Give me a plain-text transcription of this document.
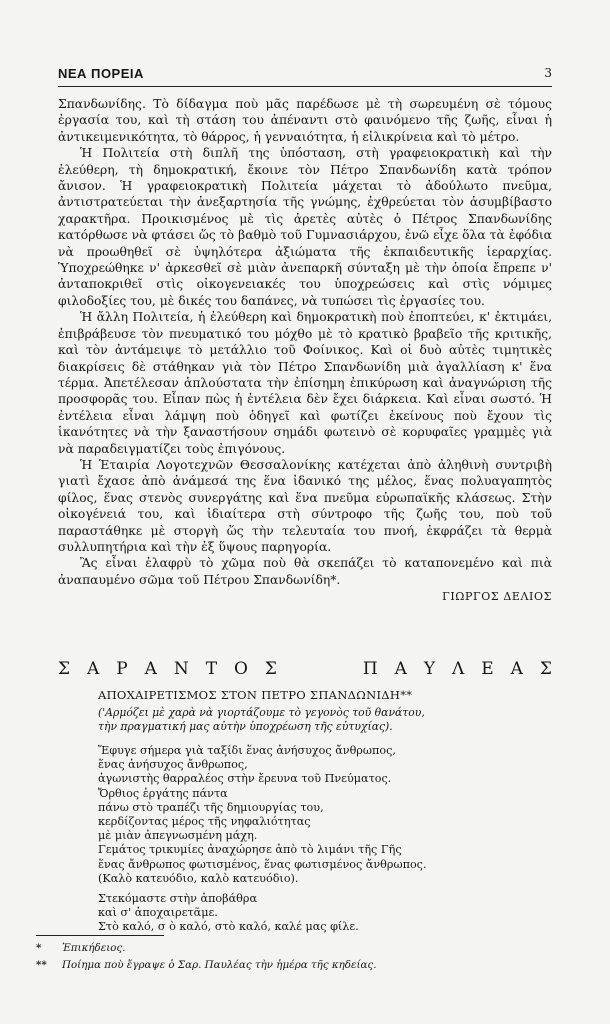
ΝΕΑ ΠΟΡΕΙΑ	3

Σπανδωνίδης. Τὸ δίδαγμα ποὺ μᾶς παρέδωσε μὲ τὴ σωρευμένη σὲ τόμους ἐργασία του, καὶ τὴ στάση του ἀπέναντι στὸ φαινόμενο τῆς ζωῆς, εἶναι ἡ ἀντικειμενικότητα, τὸ θάρρος, ἡ γενναιότητα, ἡ εἰλικρίνεια καὶ τὸ μέτρο.

Ἡ Πολιτεία στὴ διπλῆ της ὑπόσταση, στὴ γραφειοκρατικὴ καὶ τὴν ἐλεύθερη, τὴ δημοκρατική, ἔκοινε τὸν Πέτρο Σπανδωνίδη κατὰ τρόπον ἄνισον. Ἡ γραφειοκρατικὴ Πολιτεία μάχεται τὸ ἀδούλωτο πνεῦμα, ἀντιστρατεύεται τὴν ἀνεξαρτησία τῆς γνώμης, ἐχθρεύεται τὸν ἀσυμβίβαστο χαρακτῆρα. Προικισμένος μὲ τὶς ἀρετὲς αὐτὲς ὁ Πέτρος Σπανδωνίδης κατόρθωσε νὰ φτάσει ὥς τὸ βαθμὸ τοῦ Γυμνασιάρχου, ἐνῶ εἶχε ὅλα τὰ ἐφόδια νὰ προωθηθεῖ σὲ ὑψηλότερα ἀξιώματα τῆς ἐκπαιδευτικῆς ἱεραρχίας. Ὑποχρεώθηκε ν' ἀρκεσθεῖ σὲ μιὰν ἀνεπαρκῆ σύνταξη μὲ τὴν ὁποία ἔπρεπε ν' ἀνταποκριθεῖ στὶς οἰκογενειακές του ὑποχρεώσεις καὶ στὶς νόμιμες φιλοδοξίες του, μὲ δικές του δαπάνες, νὰ τυπώσει τὶς ἐργασίες του.

Ἡ ἄλλη Πολιτεία, ἡ ἐλεύθερη καὶ δημοκρατικὴ ποὺ ἐποπτεύει, κ' ἐκτιμάει, ἐπιβράβευσε τὸν πνευματικό του μόχθο μὲ τὸ κρατικὸ βραβεῖο τῆς κριτικῆς, καὶ τὸν ἀντάμειψε τὸ μετάλλιο τοῦ Φοίνικος. Καὶ οἱ δυὸ αὐτὲς τιμητικὲς διακρίσεις δὲ στάθηκαν γιὰ τὸν Πέτρο Σπανδωνίδη μιὰ ἀγαλλίαση κ' ἕνα τέρμα. Ἀπετέλεσαν ἁπλούστατα τὴν ἐπίσημη ἐπικύρωση καὶ ἀναγνώριση τῆς προσφορᾶς του. Εἶπαν πὼς ἡ ἐντέλεια δὲν ἔχει διάρκεια. Καὶ εἶναι σωστό. Ἡ ἐντέλεια εἶναι λάμψη ποὺ ὁδηγεῖ καὶ φωτίζει ἐκείνους ποὺ ἔχουν τὶς ἱκανότητες νὰ τὴν ξαναστήσουν σημάδι φωτεινὸ σὲ κορυφαῖες γραμμὲς γιὰ νὰ παραδειγματίζει τοὺς ἐπιγόνους.

Ἡ Ἑταιρία Λογοτεχνῶν Θεσσαλονίκης κατέχεται ἀπὸ ἀληθινὴ συντριβὴ γιατὶ ἔχασε ἀπὸ ἀνάμεσά της ἕνα ἰδανικό της μέλος, ἕνας πολυαγαπητὸς φίλος, ἕνας στενὸς συνεργάτης καὶ ἕνα πνεῦμα εὐρωπαϊκῆς κλάσεως. Στὴν οἰκογένειά του, καὶ ἰδιαίτερα στὴ σύντροφο τῆς ζωῆς του, ποὺ τοῦ παραστάθηκε μὲ στοργὴ ὥς τὴν τελευταία του πνοή, ἐκφράζει τὰ θερμὰ συλλυπητήρια καὶ τὴν ἐξ ὕψους παρηγορία.

Ἂς εἶναι ἐλαφρὺ τὸ χῶμα ποὺ θὰ σκεπάζει τὸ καταπονεμένο καὶ πιὰ ἀναπαυμένο σῶμα τοῦ Πέτρου Σπανδωνίδη*.

ΓΙΩΡΓΟΣ ΔΕΛΙΟΣ
Σ Α Ρ Α Ν Τ Ο Σ	Π Α Υ Λ Ε Α Σ
ΑΠΟΧΑΙΡΕΤΙΣΜΟΣ ΣΤΟΝ ΠΕΤΡΟ ΣΠΑΝΔΩΝΙΔΗ**
('Αρμόζει μὲ χαρὰ νὰ γιορτάζουμε τὸ γεγονὸς τοῦ θανάτου,
τὴν πραγματική μας αὐτὴν ὑποχρέωση τῆς εὐτυχίας).

Ἔφυγε σήμερα γιὰ ταξίδι ἕνας ἀνήσυχος ἄνθρωπος,

ἕνας ἀνήσυχος ἄνθρωπος,

ἀγωνιστὴς θαρραλέος στὴν ἔρευνα τοῦ Πνεύματος.

Ὄρθιος ἐργάτης πάντα

πάνω στὸ τραπέζι τῆς δημιουργίας του,

κερδίζοντας μέρος τῆς νηφαλιότητας

μὲ μιὰν ἀπεγνωσμένη μάχη.

Γεμάτος τρικυμίες ἀναχώρησε ἀπὸ τὸ λιμάνι τῆς Γῆς

ἕνας ἄνθρωπος φωτισμένος, ἕνας φωτισμένος ἄνθρωπος.

(Καλὸ κατευόδιο, καλὸ κατευόδιο).

Στεκόμαστε στὴν ἀποβάθρα

καὶ σ' ἀποχαιρετᾶμε.

Στὸ καλό, σ ὸ καλό, στὸ καλό, καλέ μας φίλε.

* Ἐπικήδειος.

** Ποίημα ποὺ ἔγραψε ὁ Σαρ. Παυλέας τὴν ἡμέρα τῆς κηδείας.
